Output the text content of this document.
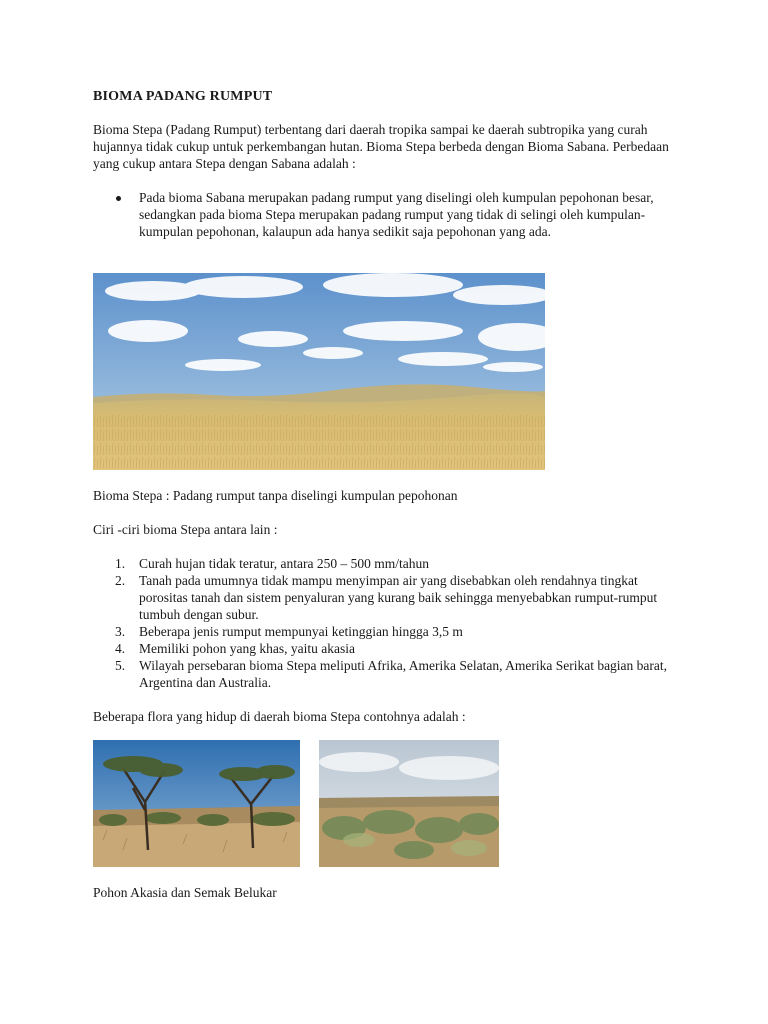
BIOMA PADANG RUMPUT

Bioma Stepa (Padang Rumput) terbentang dari daerah tropika sampai ke daerah subtropika yang curah hujannya tidak cukup untuk perkembangan hutan. Bioma Stepa berbeda dengan Bioma Sabana. Perbedaan yang cukup antara Stepa dengan Sabana adalah :

Pada bioma Sabana merupakan padang rumput yang diselingi oleh kumpulan pepohonan besar, sedangkan pada bioma Stepa merupakan padang rumput yang tidak di selingi oleh kumpulan-kumpulan pepohonan, kalaupun ada hanya sedikit saja pepohonan yang ada.

Bioma Stepa : Padang rumput tanpa diselingi kumpulan pepohonan

Ciri -ciri bioma Stepa antara lain :

1. Curah hujan tidak teratur, antara 250 – 500 mm/tahun
2. Tanah pada umumnya tidak mampu menyimpan air yang disebabkan oleh rendahnya tingkat porositas tanah dan sistem penyaluran yang kurang baik sehingga menyebabkan rumput-rumput tumbuh dengan subur.
3. Beberapa jenis rumput mempunyai ketinggian hingga 3,5 m
4. Memiliki pohon yang khas, yaitu akasia
5. Wilayah persebaran bioma Stepa meliputi Afrika, Amerika Selatan, Amerika Serikat bagian barat, Argentina dan Australia.

Beberapa flora yang hidup di daerah bioma Stepa contohnya adalah :

Pohon Akasia dan Semak Belukar
